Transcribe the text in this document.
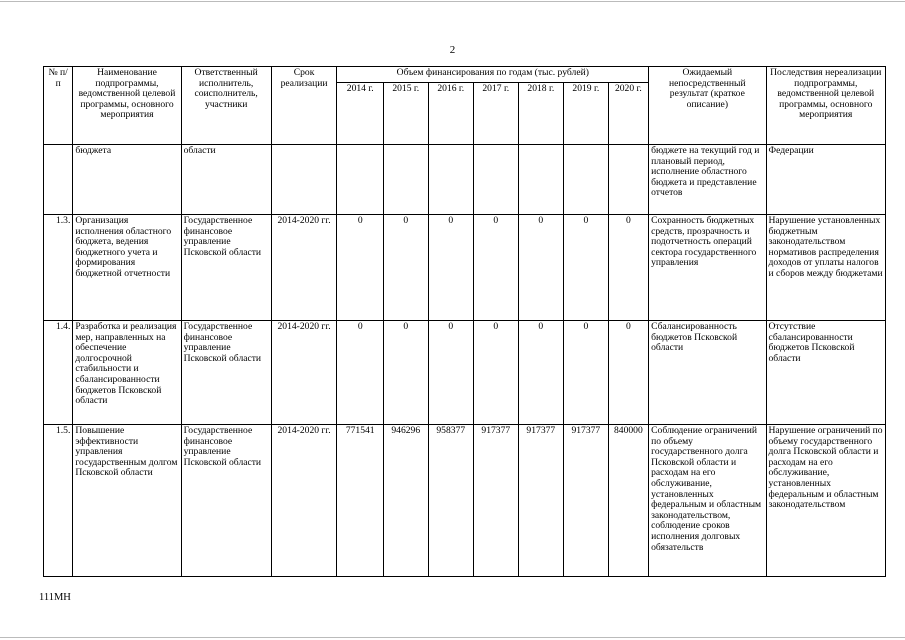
2
№ п/п	Наименование подпрограммы, ведомственной целевой программы, основного мероприятия	Ответственный исполнитель, соисполнитель, участники	Срок реализации	Объем финансирования по годам (тыс. рублей)							Ожидаемый непосредственный результат (краткое описание)	Последствия нереализации подпрограммы, ведомственной целевой программы, основного мероприятия
				2014 г.	2015 г.	2016 г.	2017 г.	2018 г.	2019 г.	2020 г.		
	бюджета	области									бюджете на текущий год и плановый период, исполнение областного бюджета и представление отчетов	Федерации
1.3.	Организация исполнения областного бюджета, ведения бюджетного учета и формирования бюджетной отчетности	Государственное финансовое управление Псковской области	2014-2020 гг.	0	0	0	0	0	0	0	Сохранность бюджетных средств, прозрачность и подотчетность операций сектора государственного управления	Нарушение установленных бюджетным законодательством нормативов распределения доходов от уплаты налогов и сборов между бюджетами
1.4.	Разработка и реализация мер, направленных на обеспечение долгосрочной стабильности и сбалансированности бюджетов Псковской области	Государственное финансовое управление Псковской области	2014-2020 гг.	0	0	0	0	0	0	0	Сбалансированность бюджетов Псковской области	Отсутствие сбалансированности бюджетов Псковской области
1.5.	Повышение эффективности управления государственным долгом Псковской области	Государственное финансовое управление Псковской области	2014-2020 гг.	771541	946296	958377	917377	917377	917377	840000	Соблюдение ограничений по объему государственного долга Псковской области и расходам на его обслуживание, установленных федеральным и областным законодательством, соблюдение сроков исполнения долговых обязательств	Нарушение ограничений по объему государственного долга Псковской области и расходам на его обслуживание, установленных федеральным и областным законодательством
111МН
